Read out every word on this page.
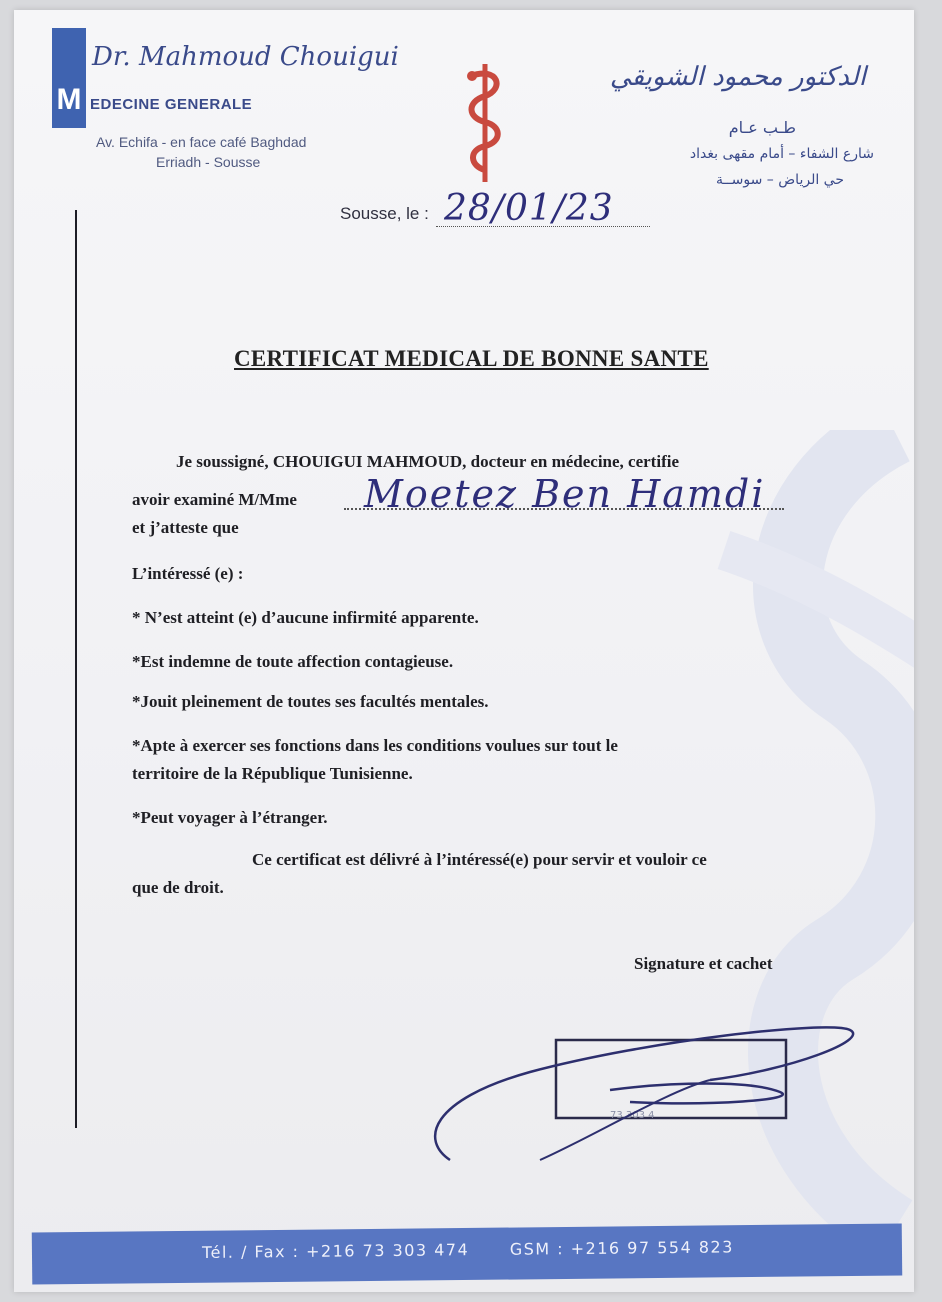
M
Dr. Mahmoud Chouigui
EDECINE GENERALE
Av. Echifa - en face café Baghdad
Erriadh - Sousse
الدكتور محمود الشويقي
طـب عـام
شارع الشفاء – أمام مقهى بغداد
حي الرياض – سوســة
Sousse, le : 28/01/23
CERTIFICAT MEDICAL DE BONNE SANTE
Je soussigné, CHOUIGUI MAHMOUD, docteur en médecine, certifie
avoir examiné M/Mme Moetez Ben Hamdi
et j’atteste que
L’intéressé (e) :
* N’est atteint (e) d’aucune infirmité apparente.
*Est indemne de toute affection contagieuse.
*Jouit pleinement de toutes ses facultés mentales.
*Apte à exercer ses fonctions dans les conditions voulues sur tout le
territoire de la République Tunisienne.
*Peut voyager à l’étranger.
Ce certificat est délivré à l’intéressé(e) pour servir et vouloir ce
que de droit.
Signature et cachet
73 303 4
Tél. / Fax : +216 73 303 474	GSM : +216 97 554 823
